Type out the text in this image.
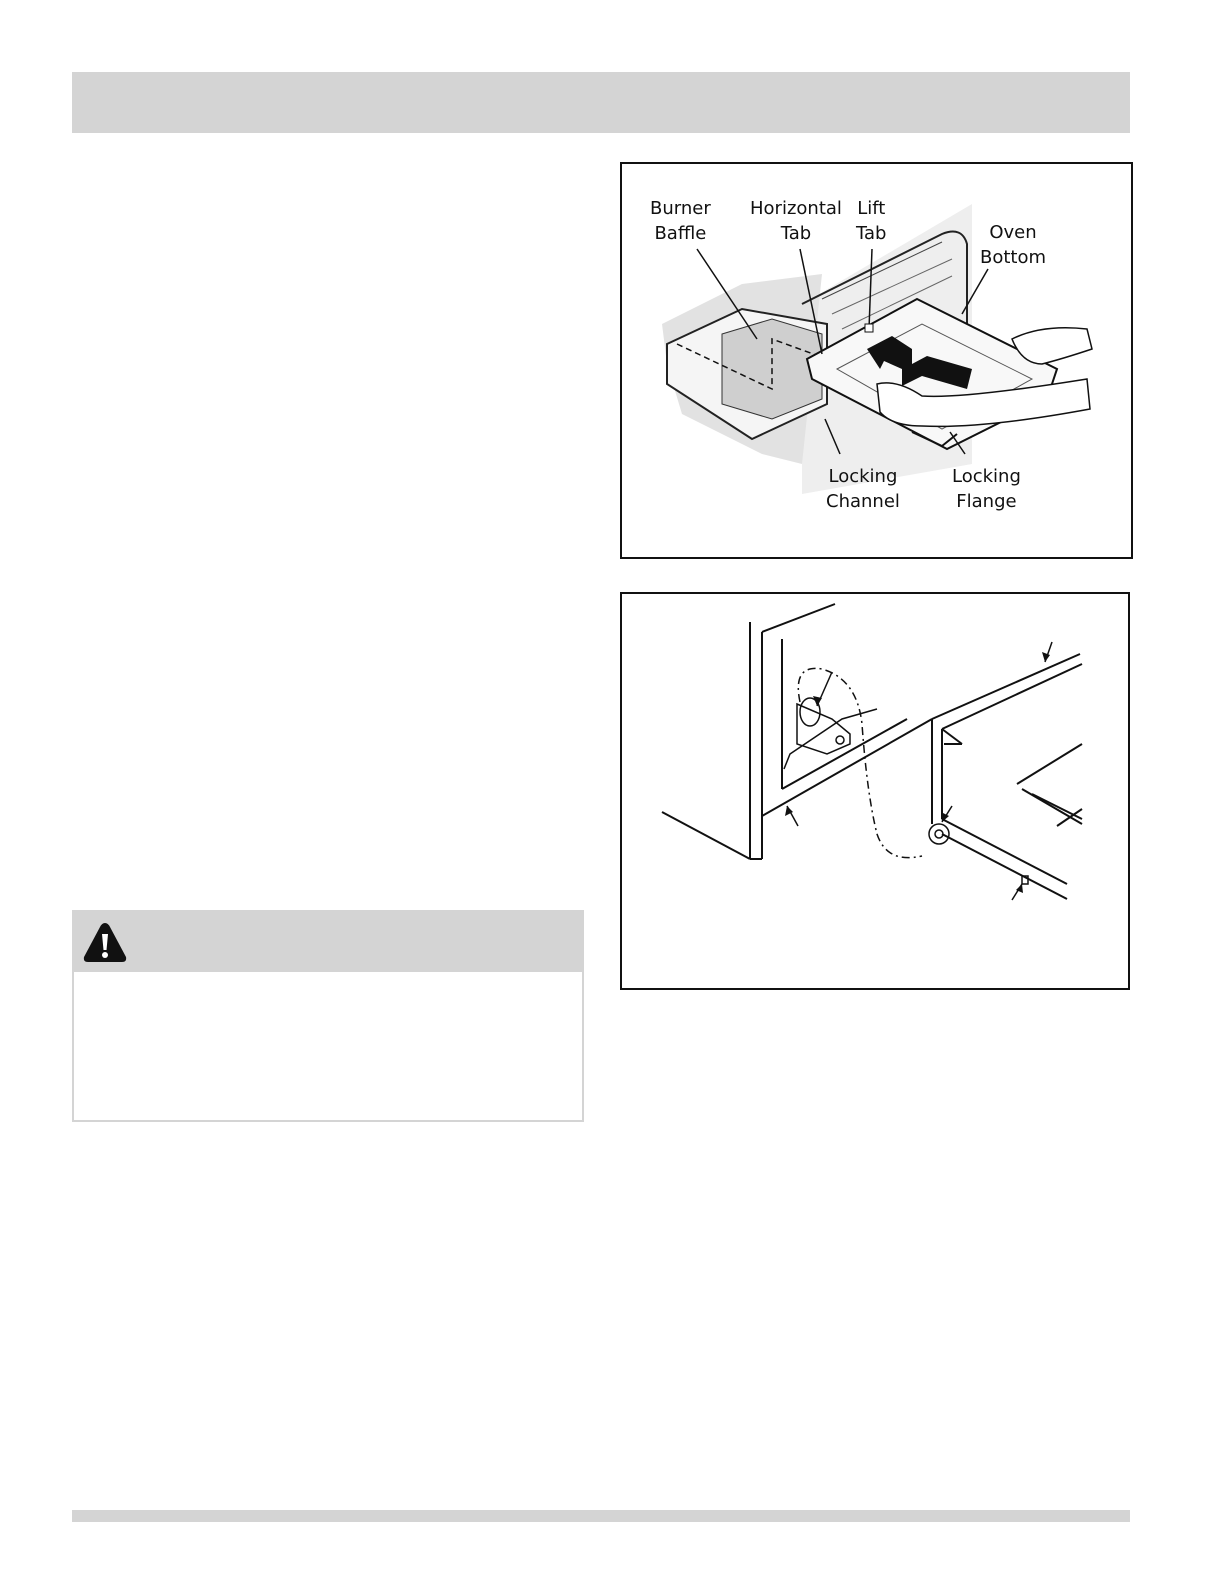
Burner
Baffle
Horizontal
Tab
Lift
Tab	Oven
Bottom
Locking
Channel
Locking
Flange
